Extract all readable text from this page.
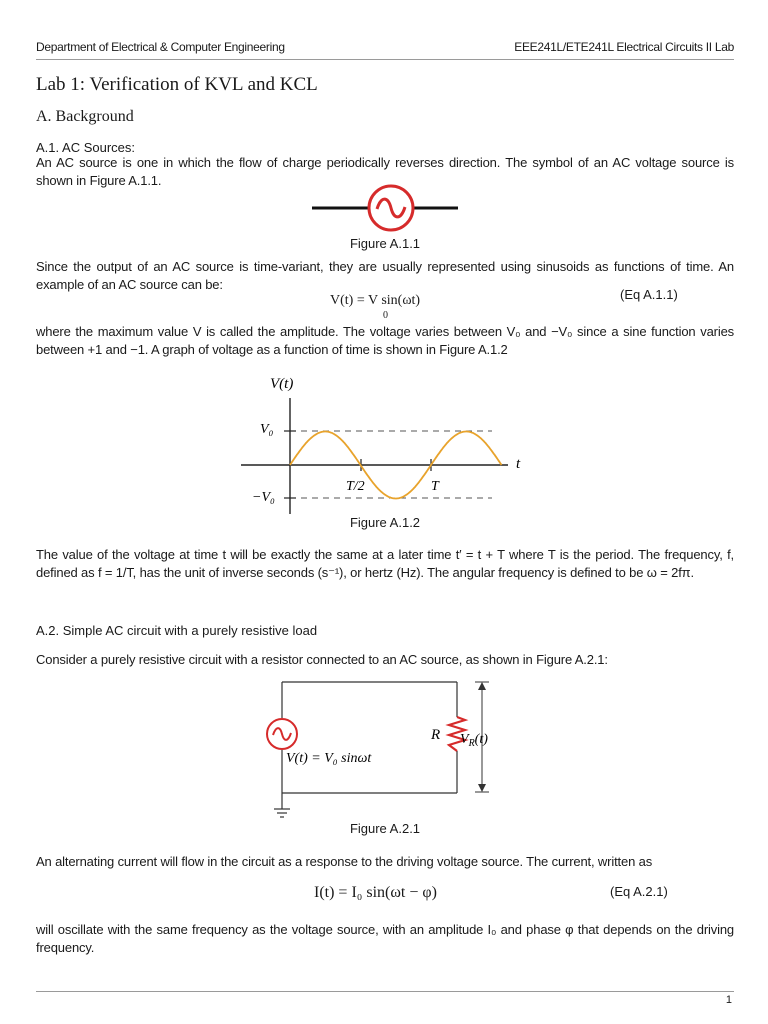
Department of Electrical & Computer Engineering	EEE241L/ETE241L Electrical Circuits II Lab
Lab 1: Verification of KVL and KCL
A. Background
A.1. AC Sources:
An AC source is one in which the flow of charge periodically reverses direction. The symbol of an AC voltage source is shown in Figure A.1.1.
Figure A.1.1
Since the output of an AC source is time-variant, they are usually represented using sinusoids as functions of time. An example of an AC source can be:
V(t) = V sin(ωt)
0
(Eq A.1.1)
where the maximum value V is called the amplitude. The voltage varies between V₀ and −V₀ since a sine function varies between +1 and −1. A graph of voltage as a function of time is shown in Figure A.1.2
V(t)
V₀
−V₀
T/2	T
t
Figure A.1.2
The value of the voltage at time t will be exactly the same at a later time t′ = t + T where T is the period. The frequency, f, defined as f = 1/T, has the unit of inverse seconds (s⁻¹), or hertz (Hz). The angular frequency is defined to be ω = 2fπ.
A.2. Simple AC circuit with a purely resistive load
Consider a purely resistive circuit with a resistor connected to an AC source, as shown in Figure A.2.1:
V(t) = V₀ sinωt
R $V_R(t)$
Figure A.2.1
An alternating current will flow in the circuit as a response to the driving voltage source. The current, written as
I(t) = I₀ sin(ωt − φ)	(Eq A.2.1)
will oscillate with the same frequency as the voltage source, with an amplitude I₀ and phase φ that depends on the driving frequency.
1
